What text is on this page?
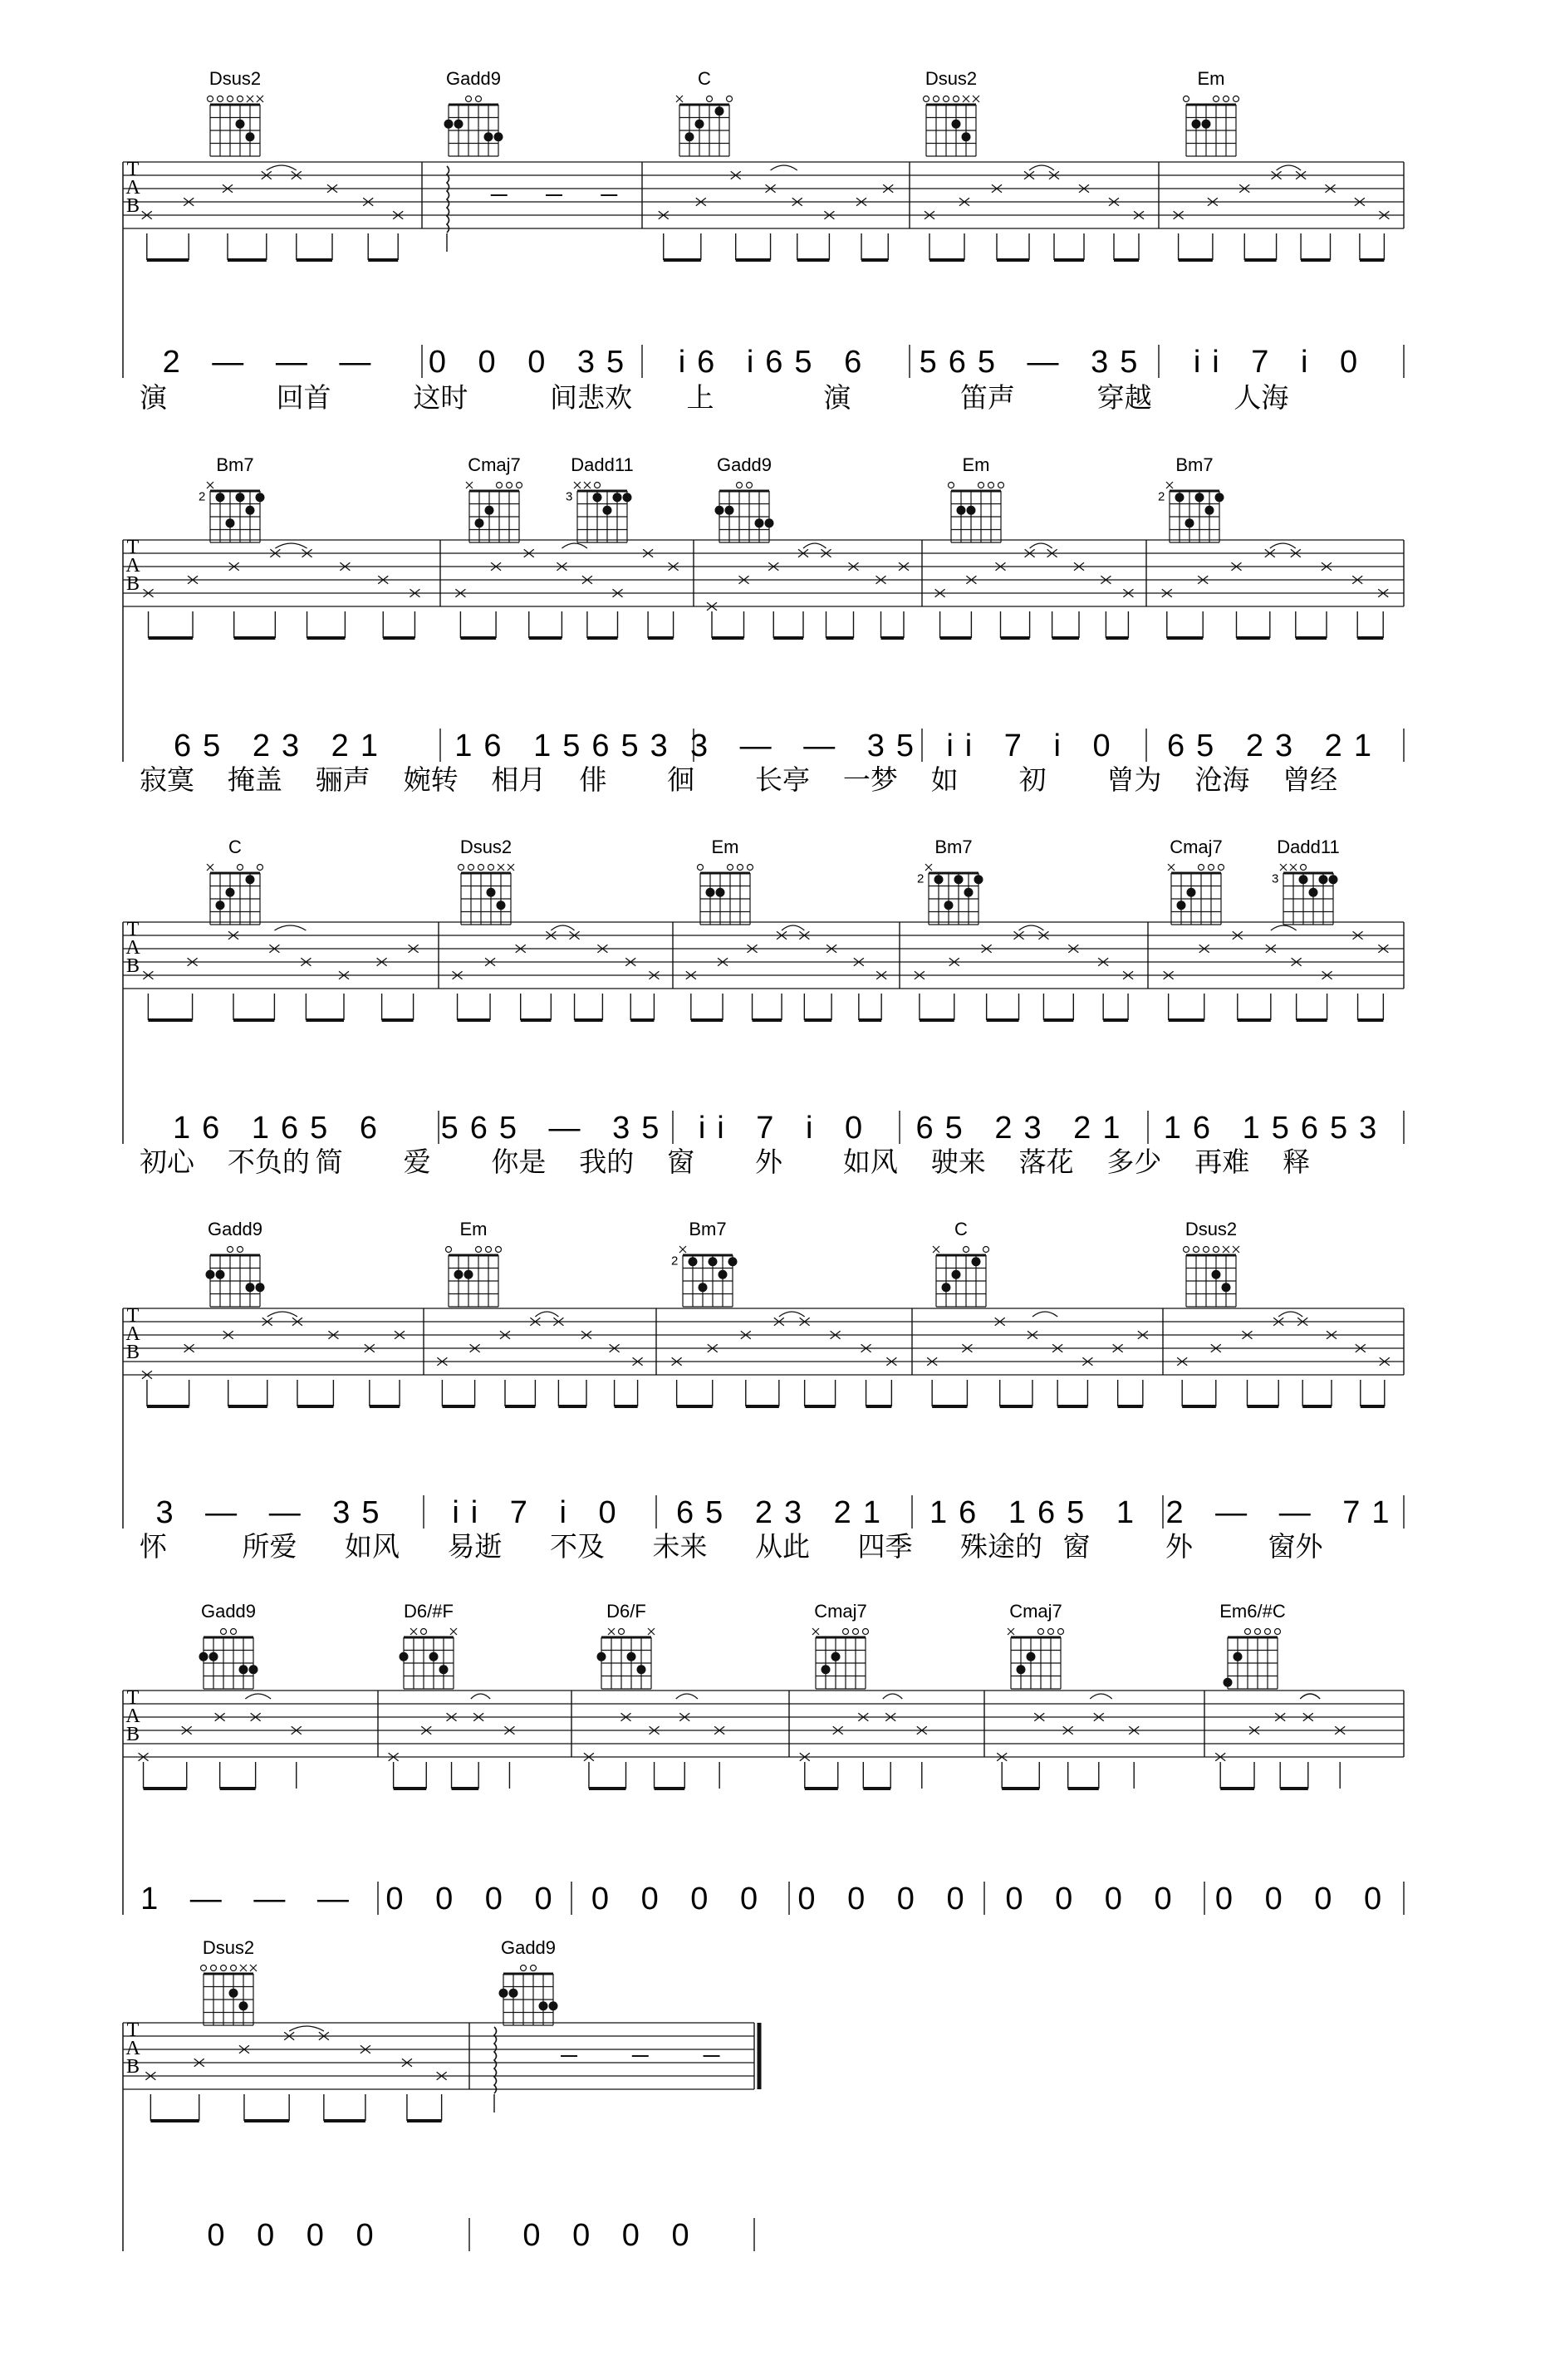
T
A
B
2 — — — 0 0 0 35 i6 i65 6 565 — 35 ii 7 i 0
演	回首	这时	间悲欢 上	演	笛声	穿越	人海
Dsus2	Gadd9	C	Dsus2	Em
T
A
B
65 23 21 16 15653 3 — — 35 ii 7 i 0 65 23 21
寂寞 掩盖 骊声 婉转 相月 俳 徊 长亭 一梦 如 初 曾为 沧海 曾经
Bm7
2
Cmaj7	Dadd11
3
Gadd9	Em	Bm7
2
T
A
B
16 165 6 565 — 35 ii 7 i 0 65 23 21 16 15653
初心 不负的 简 爱 你是 我的 窗 外 如风 驶来 落花 多少 再难 释
C	Dsus2	Em	Bm7
2
Cmaj7	Dadd11
3
T
A
B
3 — — 35 ii 7 i 0 65 23 21 16 165 1 2 — — 71
怀	所爱 如风 易逝 不及 未来 从此 四季 殊途的 窗	外	窗外
Gadd9	Em	Bm7
2
C	Dsus2
T
A
B
1 — — — 0 0 0 0 0 0 0 0 0 0 0 0 0 0 0 0 0 0 0 0
Gadd9	D6/#F	D6/F	Cmaj7	Cmaj7	Em6/#C
T
A
B
0 0 0 0	0 0 0 0
Dsus2	Gadd9
